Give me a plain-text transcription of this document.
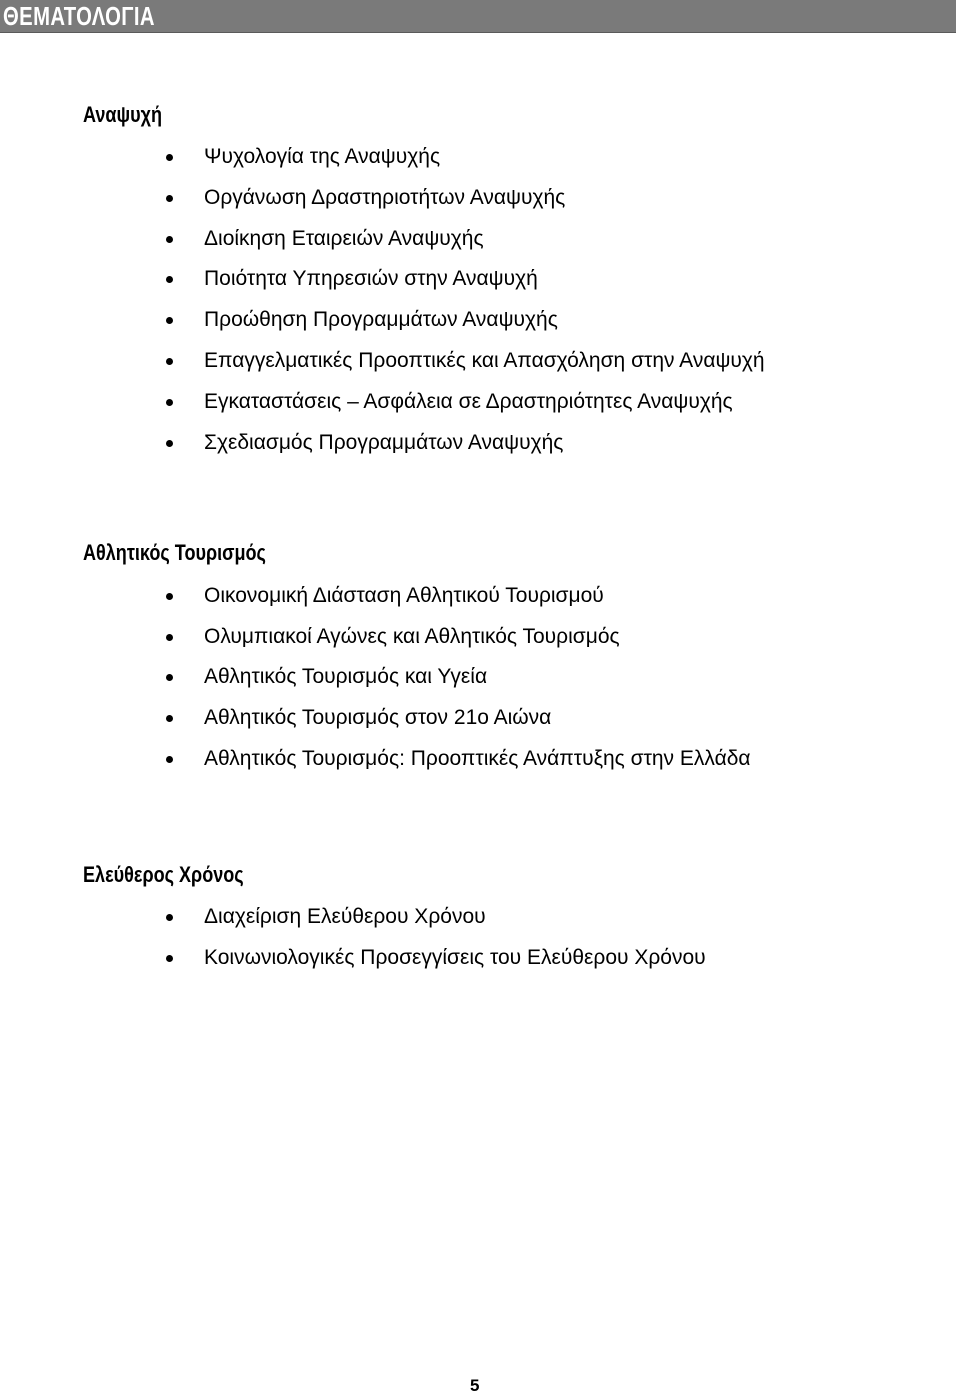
ΘΕΜΑΤΟΛΟΓΙΑ
Αναψυχή
Ψυχολογία της Αναψυχής
Οργάνωση Δραστηριοτήτων Αναψυχής
Διοίκηση Εταιρειών Αναψυχής
Ποιότητα Υπηρεσιών στην Αναψυχή
Προώθηση Προγραμμάτων Αναψυχής
Επαγγελματικές Προοπτικές και Απασχόληση στην Αναψυχή
Εγκαταστάσεις – Ασφάλεια σε Δραστηριότητες Αναψυχής
Σχεδιασμός Προγραμμάτων Αναψυχής
Αθλητικός Τουρισμός
Οικονομική Διάσταση Αθλητικού Τουρισμού
Ολυμπιακοί Αγώνες και Αθλητικός Τουρισμός
Αθλητικός Τουρισμός και Υγεία
Αθλητικός Τουρισμός στον 21ο Αιώνα
Αθλητικός Τουρισμός: Προοπτικές Ανάπτυξης στην Ελλάδα
Ελεύθερος Χρόνος
Διαχείριση Ελεύθερου Χρόνου
Κοινωνιολογικές Προσεγγίσεις του Ελεύθερου Χρόνου
5
